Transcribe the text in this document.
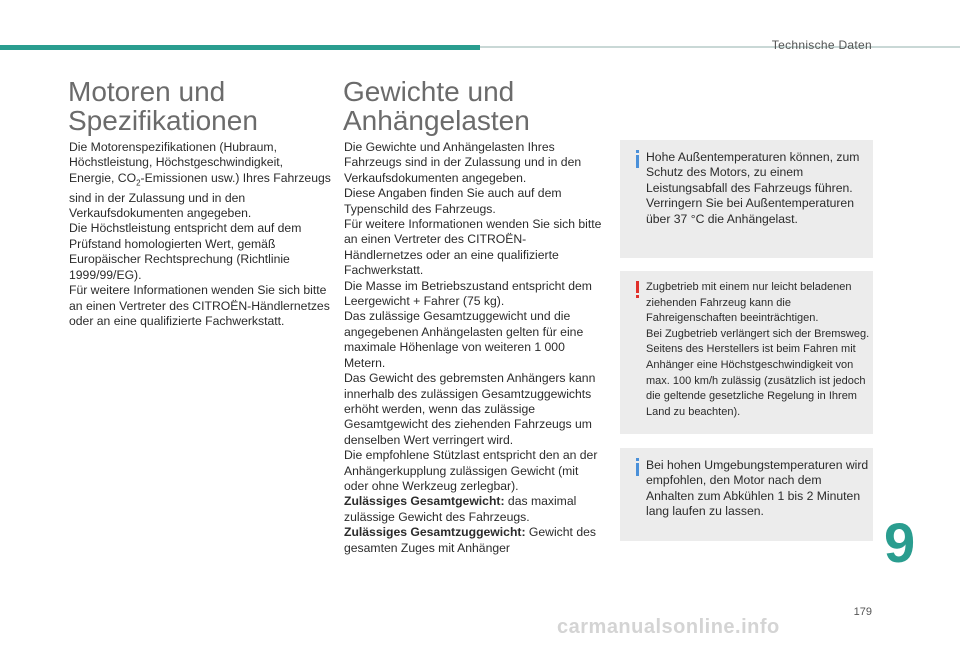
Technische Daten
Motoren und
Spezifikationen

Die Motorenspezifikationen (Hubraum, Höchstleistung, Höchstgeschwindigkeit, Energie, $CO_2$-Emissionen usw.) Ihres Fahrzeugs sind in der Zulassung und in den Verkaufsdokumenten angegeben.

Die Höchstleistung entspricht dem auf dem Prüfstand homologierten Wert, gemäß Europäischer Rechtsprechung (Richtlinie 1999/99/EG).

Für weitere Informationen wenden Sie sich bitte an einen Vertreter des CITROËN-Händlernetzes oder an eine qualifizierte Fachwerkstatt.

Gewichte und
Anhängelasten

Die Gewichte und Anhängelasten Ihres Fahrzeugs sind in der Zulassung und in den Verkaufsdokumenten angegeben.

Diese Angaben finden Sie auch auf dem Typenschild des Fahrzeugs.

Für weitere Informationen wenden Sie sich bitte an einen Vertreter des CITROËN-Händlernetzes oder an eine qualifizierte Fachwerkstatt.

Die Masse im Betriebszustand entspricht dem Leergewicht + Fahrer (75 kg).

Das zulässige Gesamtzuggewicht und die angegebenen Anhängelasten gelten für eine maximale Höhenlage von weiteren 1 000 Metern.

Das Gewicht des gebremsten Anhängers kann innerhalb des zulässigen Gesamtzuggewichts erhöht werden, wenn das zulässige Gesamtgewicht des ziehenden Fahrzeugs um denselben Wert verringert wird.

Die empfohlene Stützlast entspricht den an der Anhängerkupplung zulässigen Gewicht (mit oder ohne Werkzeug zerlegbar).

Zulässiges Gesamtgewicht: das maximal zulässige Gewicht des Fahrzeugs.

Zulässiges Gesamtzuggewicht: Gewicht des gesamten Zuges mit Anhänger

Hohe Außentemperaturen können, zum Schutz des Motors, zu einem Leistungsabfall des Fahrzeugs führen. Verringern Sie bei Außentemperaturen über 37 °C die Anhängelast.
Zugbetrieb mit einem nur leicht beladenen ziehenden Fahrzeug kann die Fahreigenschaften beeinträchtigen.
Bei Zugbetrieb verlängert sich der Bremsweg.
Seitens des Herstellers ist beim Fahren mit Anhänger eine Höchstgeschwindigkeit von max. 100 km/h zulässig (zusätzlich ist jedoch die geltende gesetzliche Regelung in Ihrem Land zu beachten).
Bei hohen Umgebungstemperaturen wird empfohlen, den Motor nach dem Anhalten zum Abkühlen 1 bis 2 Minuten lang laufen zu lassen.	9
179
carmanualsonline.info
